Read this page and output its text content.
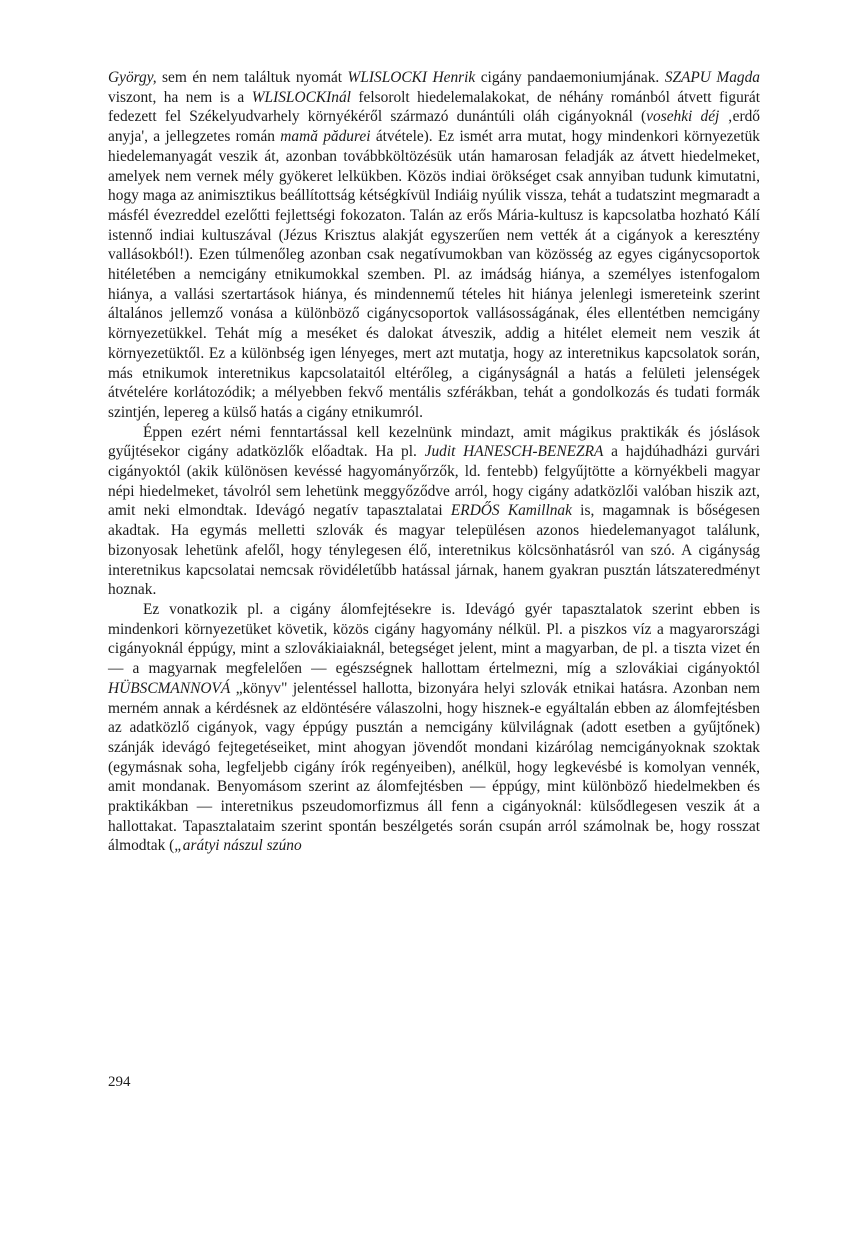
György, sem én nem találtuk nyomát WLISLOCKI Henrik cigány pandaemoniumjának. SZAPU Magda viszont, ha nem is a WLISLOCKInál felsorolt hiedelemalakokat, de néhány románból átvett figurát fedezett fel Székelyudvarhely környékéről származó dunántúli oláh cigányoknál (vosehki déj ‚erdő anyja', a jellegzetes román mamă pădurei átvétele). Ez ismét arra mutat, hogy mindenkori környezetük hiedelemanyagát veszik át, azonban továbbköltözésük után hamarosan feladják az átvett hiedelmeket, amelyek nem vernek mély gyökeret lelkükben. Közös indiai örökséget csak annyiban tudunk kimutatni, hogy maga az animisztikus beállítottság kétségkívül Indiáig nyúlik vissza, tehát a tudatszint megmaradt a másfél évezreddel ezelőtti fejlettségi fokozaton. Talán az erős Mária-kultusz is kapcsolatba hozható Kálí istennő indiai kultuszával (Jézus Krisztus alakját egyszerűen nem vették át a cigányok a keresztény vallásokból!). Ezen túlmenőleg azonban csak negatívumokban van közösség az egyes cigánycsoportok hitéletében a nemcigány etnikumokkal szemben. Pl. az imádság hiánya, a személyes istenfogalom hiánya, a vallási szertartások hiánya, és mindennemű tételes hit hiánya jelenlegi ismereteink szerint általános jellemző vonása a különböző cigánycsoportok vallásosságának, éles ellentétben nemcigány környezetükkel. Tehát míg a meséket és dalokat átveszik, addig a hitélet elemeit nem veszik át környezetüktől. Ez a különbség igen lényeges, mert azt mutatja, hogy az interetnikus kapcsolatok során, más etnikumok interetnikus kapcsolataitól eltérőleg, a cigányságnál a hatás a felületi jelenségek átvételére korlátozódik; a mélyebben fekvő mentális szférákban, tehát a gondolkozás és tudati formák szintjén, lepereg a külső hatás a cigány etnikumról.

Éppen ezért némi fenntartással kell kezelnünk mindazt, amit mágikus praktikák és jóslások gyűjtésekor cigány adatközlők előadtak. Ha pl. Judit HANESCH-BENEZRA a hajdúhadházi gurvári cigányoktól (akik különösen kevéssé hagyományőrzők, ld. fentebb) felgyűjtötte a környékbeli magyar népi hiedelmeket, távolról sem lehetünk meggyőződve arról, hogy cigány adatközlői valóban hiszik azt, amit neki elmondtak. Idevágó negatív tapasztalatai ERDŐS Kamillnak is, magamnak is bőségesen akadtak. Ha egymás melletti szlovák és magyar településen azonos hiedelemanyagot találunk, bizonyosak lehetünk afelől, hogy ténylegesen élő, interetnikus kölcsönhatásról van szó. A cigányság interetnikus kapcsolatai nemcsak rövidéletűbb hatással járnak, hanem gyakran pusztán látszateredményt hoznak.

Ez vonatkozik pl. a cigány álomfejtésekre is. Idevágó gyér tapasztalatok szerint ebben is mindenkori környezetüket követik, közös cigány hagyomány nélkül. Pl. a piszkos víz a magyarországi cigányoknál éppúgy, mint a szlovákiaiaknál, betegséget jelent, mint a magyarban, de pl. a tiszta vizet én — a magyarnak megfelelően — egészségnek hallottam értelmezni, míg a szlovákiai cigányoktól HÜBSCMANNOVÁ „könyv" jelentéssel hallotta, bizonyára helyi szlovák etnikai hatásra. Azonban nem merném annak a kérdésnek az eldöntésére válaszolni, hogy hisznek-e egyáltalán ebben az álomfejtésben az adatközlő cigányok, vagy éppúgy pusztán a nemcigány külvilágnak (adott esetben a gyűjtőnek) szánják idevágó fejtegetéseiket, mint ahogyan jövendőt mondani kizárólag nemcigányoknak szoktak (egymásnak soha, legfeljebb cigány írók regényeiben), anélkül, hogy legkevésbé is komolyan vennék, amit mondanak. Benyomásom szerint az álomfejtésben — éppúgy, mint különböző hiedelmekben és praktikákban — interetnikus pszeudomorfizmus áll fenn a cigányoknál: külsődlegesen veszik át a hallottakat. Tapasztalataim szerint spontán beszélgetés során csupán arról számolnak be, hogy rosszat álmodtak („arátyi nászul szúno

294
